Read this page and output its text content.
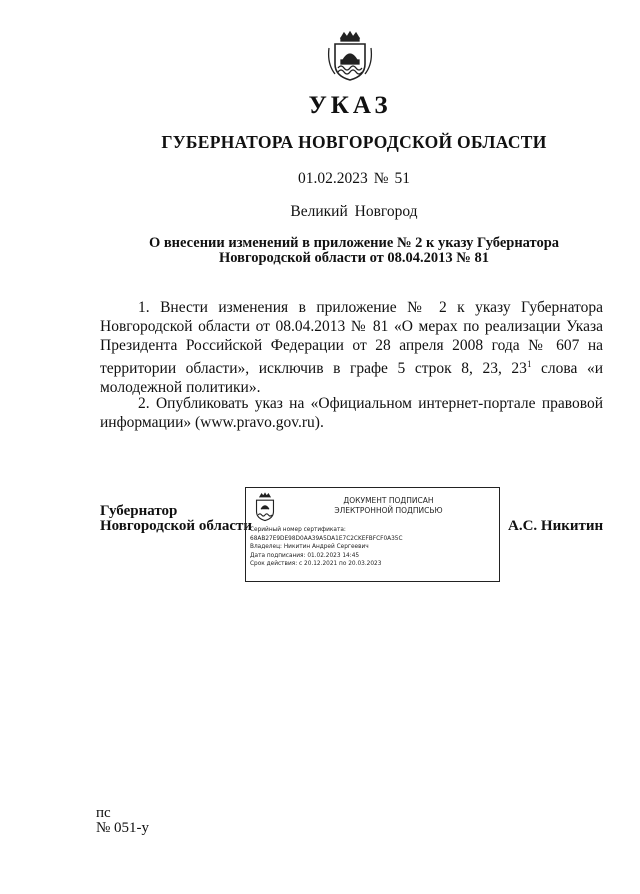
УКАЗ
ГУБЕРНАТОРА НОВГОРОДСКОЙ ОБЛАСТИ
01.02.2023 № 51
Великий Новгород
О внесении изменений в приложение № 2 к указу Губернатора
Новгородской области от 08.04.2013 № 81
1. Внести изменения в приложение № 2 к указу Губернатора Новгородской области от 08.04.2013 № 81 «О мерах по реализации Указа Президента Российской Федерации от 28 апреля 2008 года № 607 на территории области», исключив в графе 5 строк 8, 23, $23^1$ слова «и молодежной политики».
2. Опубликовать указ на «Официальном интернет-портале правовой информации» (www.pravo.gov.ru).
Губернатор
Новгородской области
ДОКУМЕНТ ПОДПИСАН
ЭЛЕКТРОННОЙ ПОДПИСЬЮ
Серийный номер сертификата:
68AB27E9DE98D0AA39A5DA1E7C2CKEFBFCF0A35C
Владелец: Никитин Андрей Сергеевич
Дата подписания: 01.02.2023 14:45
Срок действия: с 20.12.2021 по 20.03.2023
А.С. Никитин
пс
№ 051-у
